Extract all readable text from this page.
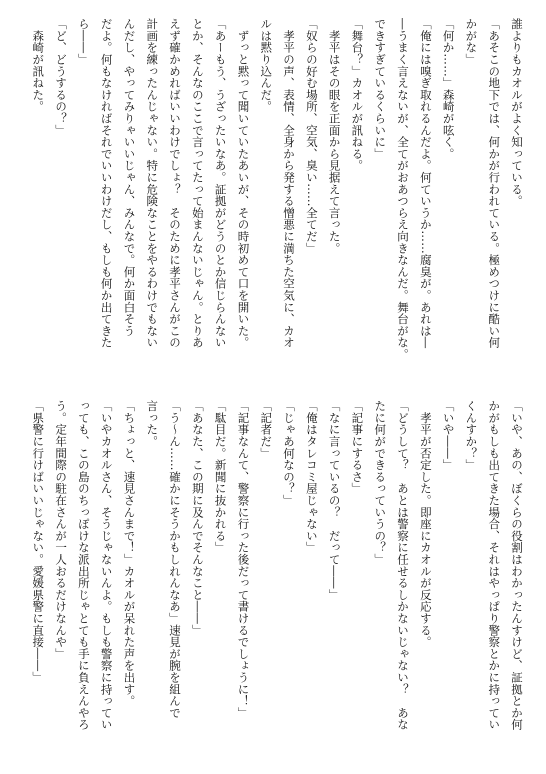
誰よりもカオルがよく知っている。
「あそこの地下では、何かが行われている。極めつけに酷い何
かがな」
「何か……」森崎が呟く。
「俺には嗅ぎ取れるんだよ。何ていうか……腐臭が。あれは―
―うまく言えないが、全てがおあつらえ向きなんだ。舞台がな。
できすぎているくらいに」
「舞台？」カオルが訊ねる。
　孝平はその眼を正面から見据えて言った。
「奴らの好む場所、空気、臭い……全てだ」
　孝平の声、表情、全身から発する憎悪に満ちた空気に、カオ
ルは黙り込んだ。
　ずっと黙って聞いていたあいが、その時初めて口を開いた。
「あーもう、うざったいなあ。証拠がどうのとか信じらんない
とか、そんなのここで言ってたって始まんないじゃん。とりあ
えず確かめればいいわけでしょ？　そのために孝平さんがこの
計画を練ったんじゃない。特に危険なことをやるわけでもない
んだし、やってみりゃいいじゃん、みんなで。何か面白そう
だよ。何もなければそれでいいわけだし、もしも何か出てきた
ら――」
「ど、どうするの？」
　森崎が訊ねた。
「いや、あの、ぼくらの役割はわかったんすけど、証拠とか何
かがもしも出てきた場合、それはやっぱり警察とかに持ってい
くんすか？」
「いや――」
　孝平が否定した。即座にカオルが反応する。
「どうして？　あとは警察に任せるしかないじゃない？　あな
たに何ができるっていうの？」
「記事にするさ」
「なに言っているの？　だって――」
「俺はタレコミ屋じゃない」
「じゃあ何なの？」
「記者だ」
「記事なんて、警察に行った後だって書けるでしょうに！」
「駄目だ。新聞に抜かれる」
「あなた、この期に及んでそんなこと――」
「う～ん……確かにそうかもしれんなあ」速見が腕を組んで
言った。
「ちょっと、速見さんまで！」カオルが呆れた声を出す。
「いやカオルさん、そうじゃないんよ。もしも警察に持ってい
っても、この島のちっぽけな派出所じゃとても手に負えんやろ
う。定年間際の駐在さんが一人おるだけなんや」
「県警に行けばいいじゃない。愛媛県警に直接――」
